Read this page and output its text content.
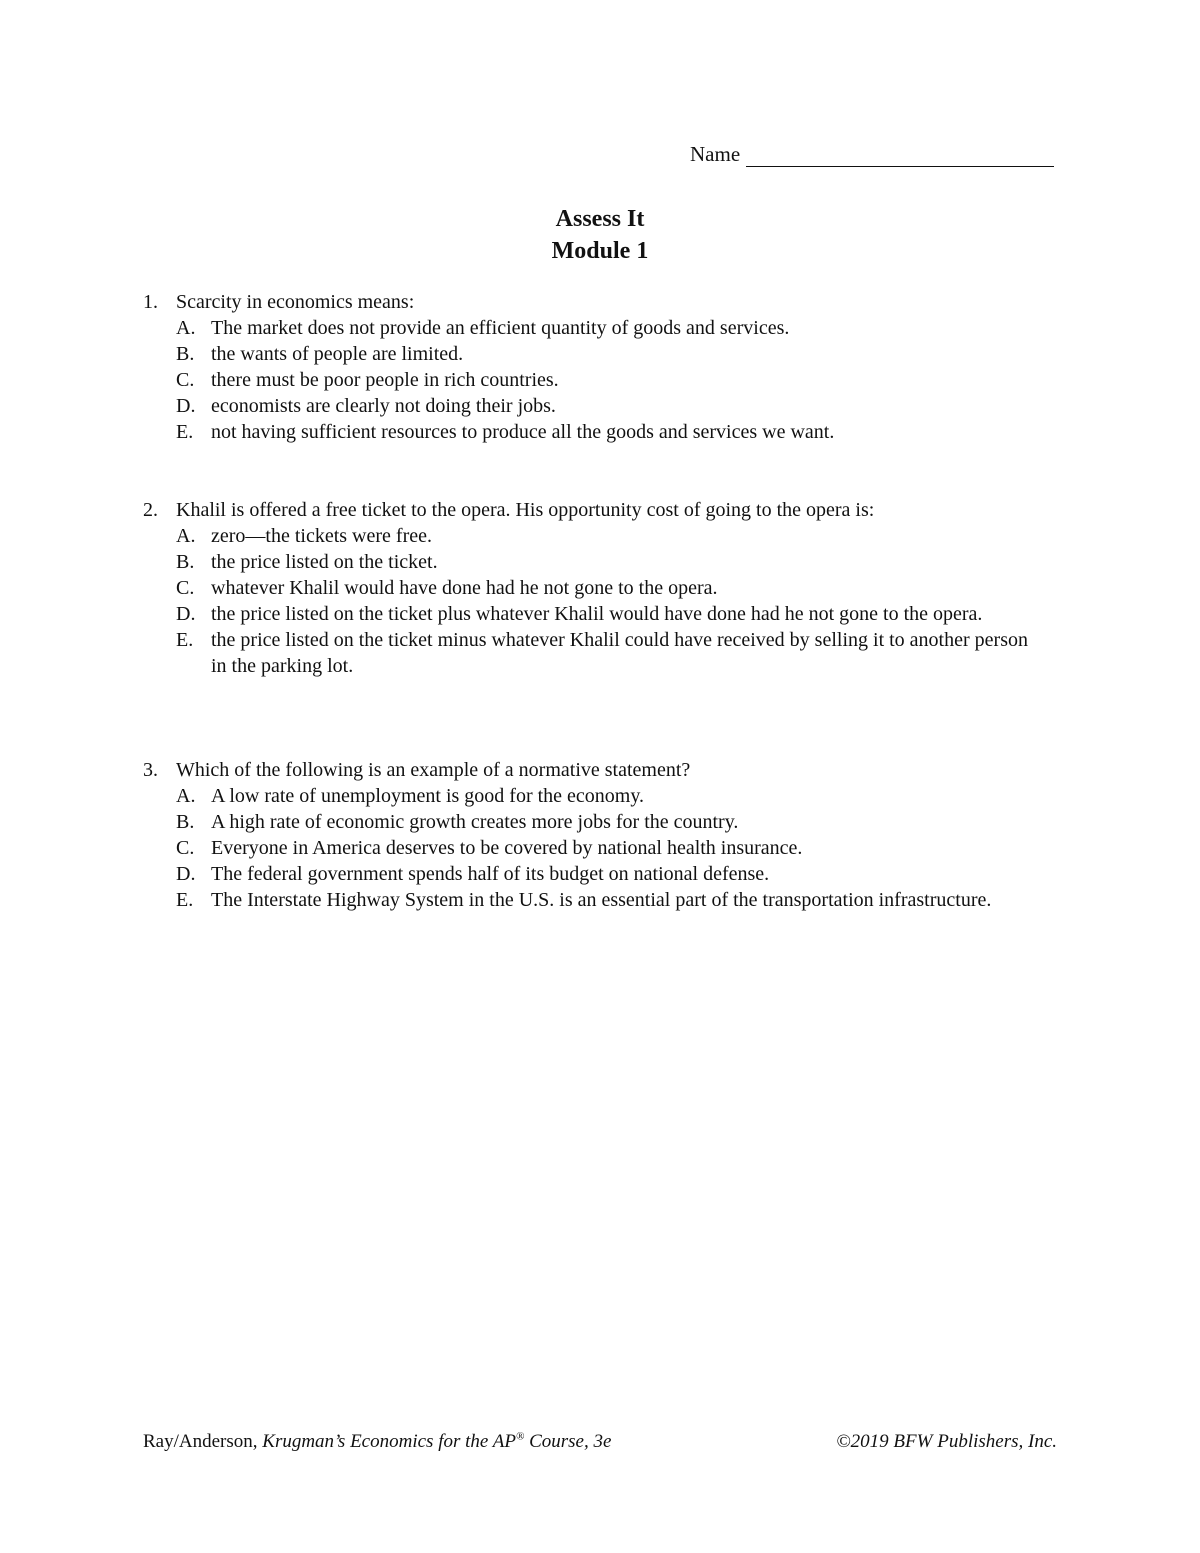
Name
Assess It
Module 1
1. Scarcity in economics means:
A. The market does not provide an efficient quantity of goods and services.
B. the wants of people are limited.
C. there must be poor people in rich countries.
D. economists are clearly not doing their jobs.
E. not having sufficient resources to produce all the goods and services we want.
2. Khalil is offered a free ticket to the opera. His opportunity cost of going to the opera is:
A. zero—the tickets were free.
B. the price listed on the ticket.
C. whatever Khalil would have done had he not gone to the opera.
D. the price listed on the ticket plus whatever Khalil would have done had he not gone to the opera.
E. the price listed on the ticket minus whatever Khalil could have received by selling it to another person in the parking lot.
3. Which of the following is an example of a normative statement?
A. A low rate of unemployment is good for the economy.
B. A high rate of economic growth creates more jobs for the country.
C. Everyone in America deserves to be covered by national health insurance.
D. The federal government spends half of its budget on national defense.
E. The Interstate Highway System in the U.S. is an essential part of the transportation infrastructure.
Ray/Anderson, Krugman’s Economics for the AP® Course, 3e	©2019 BFW Publishers, Inc.
